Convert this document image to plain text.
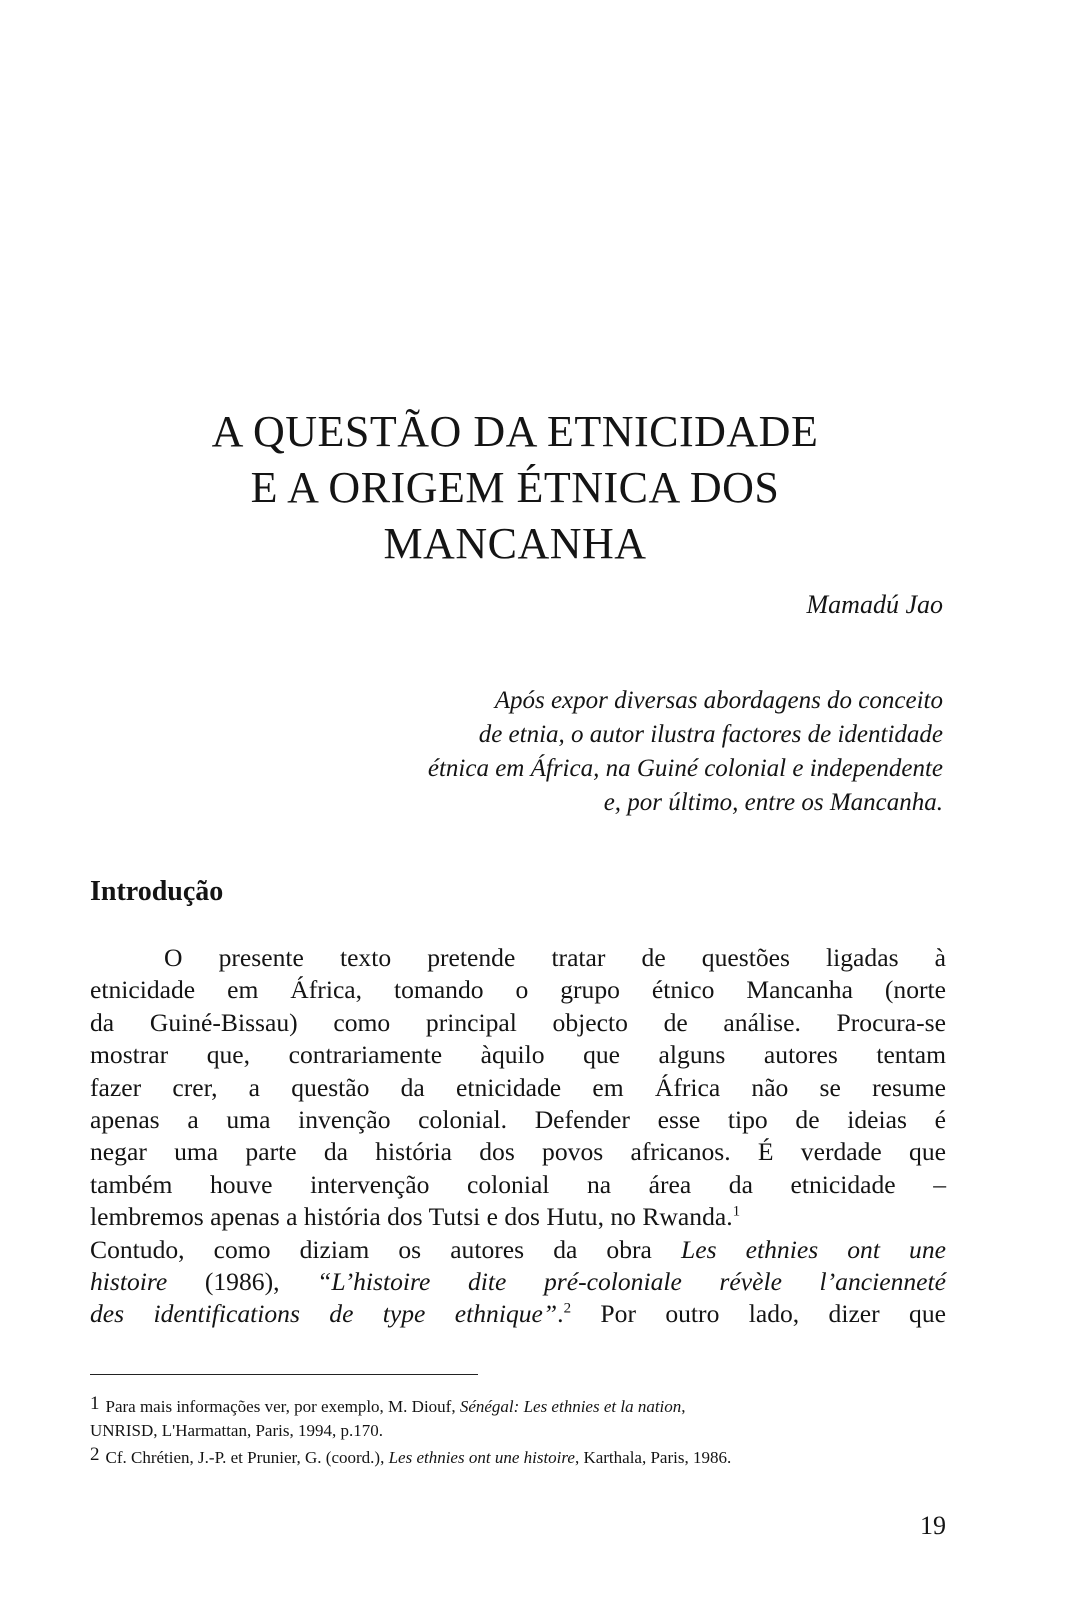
A QUESTÃO DA ETNICIDADE
E A ORIGEM ÉTNICA DOS
MANCANHA
Mamadú Jao
Após expor diversas abordagens do conceito
de etnia, o autor ilustra factores de identidade
étnica em África, na Guiné colonial e independente
e, por último, entre os Mancanha.
Introdução

O presente texto pretende tratar de questões ligadas à
etnicidade em África, tomando o grupo étnico Mancanha (norte
da Guiné-Bissau) como principal objecto de análise. Procura-se
mostrar que, contrariamente àquilo que alguns autores tentam
fazer crer, a questão da etnicidade em África não se resume
apenas a uma invenção colonial. Defender esse tipo de ideias é
negar uma parte da história dos povos africanos. É verdade que
também houve intervenção colonial na área da etnicidade –
lembremos apenas a história dos Tutsi e dos Hutu, no Rwanda.$^1$
Contudo, como diziam os autores da obra Les ethnies ont une
histoire (1986), “L’histoire dite pré-coloniale révèle l’ancienneté
des identifications de type ethnique”.$^2$ Por outro lado, dizer que

1 Para mais informações ver, por exemplo, M. Diouf, Sénégal: Les ethnies et la nation,
UNRISD, L'Harmattan, Paris, 1994, p.170.
2 Cf. Chrétien, J.-P. et Prunier, G. (coord.), Les ethnies ont une histoire, Karthala, Paris, 1986.
19
